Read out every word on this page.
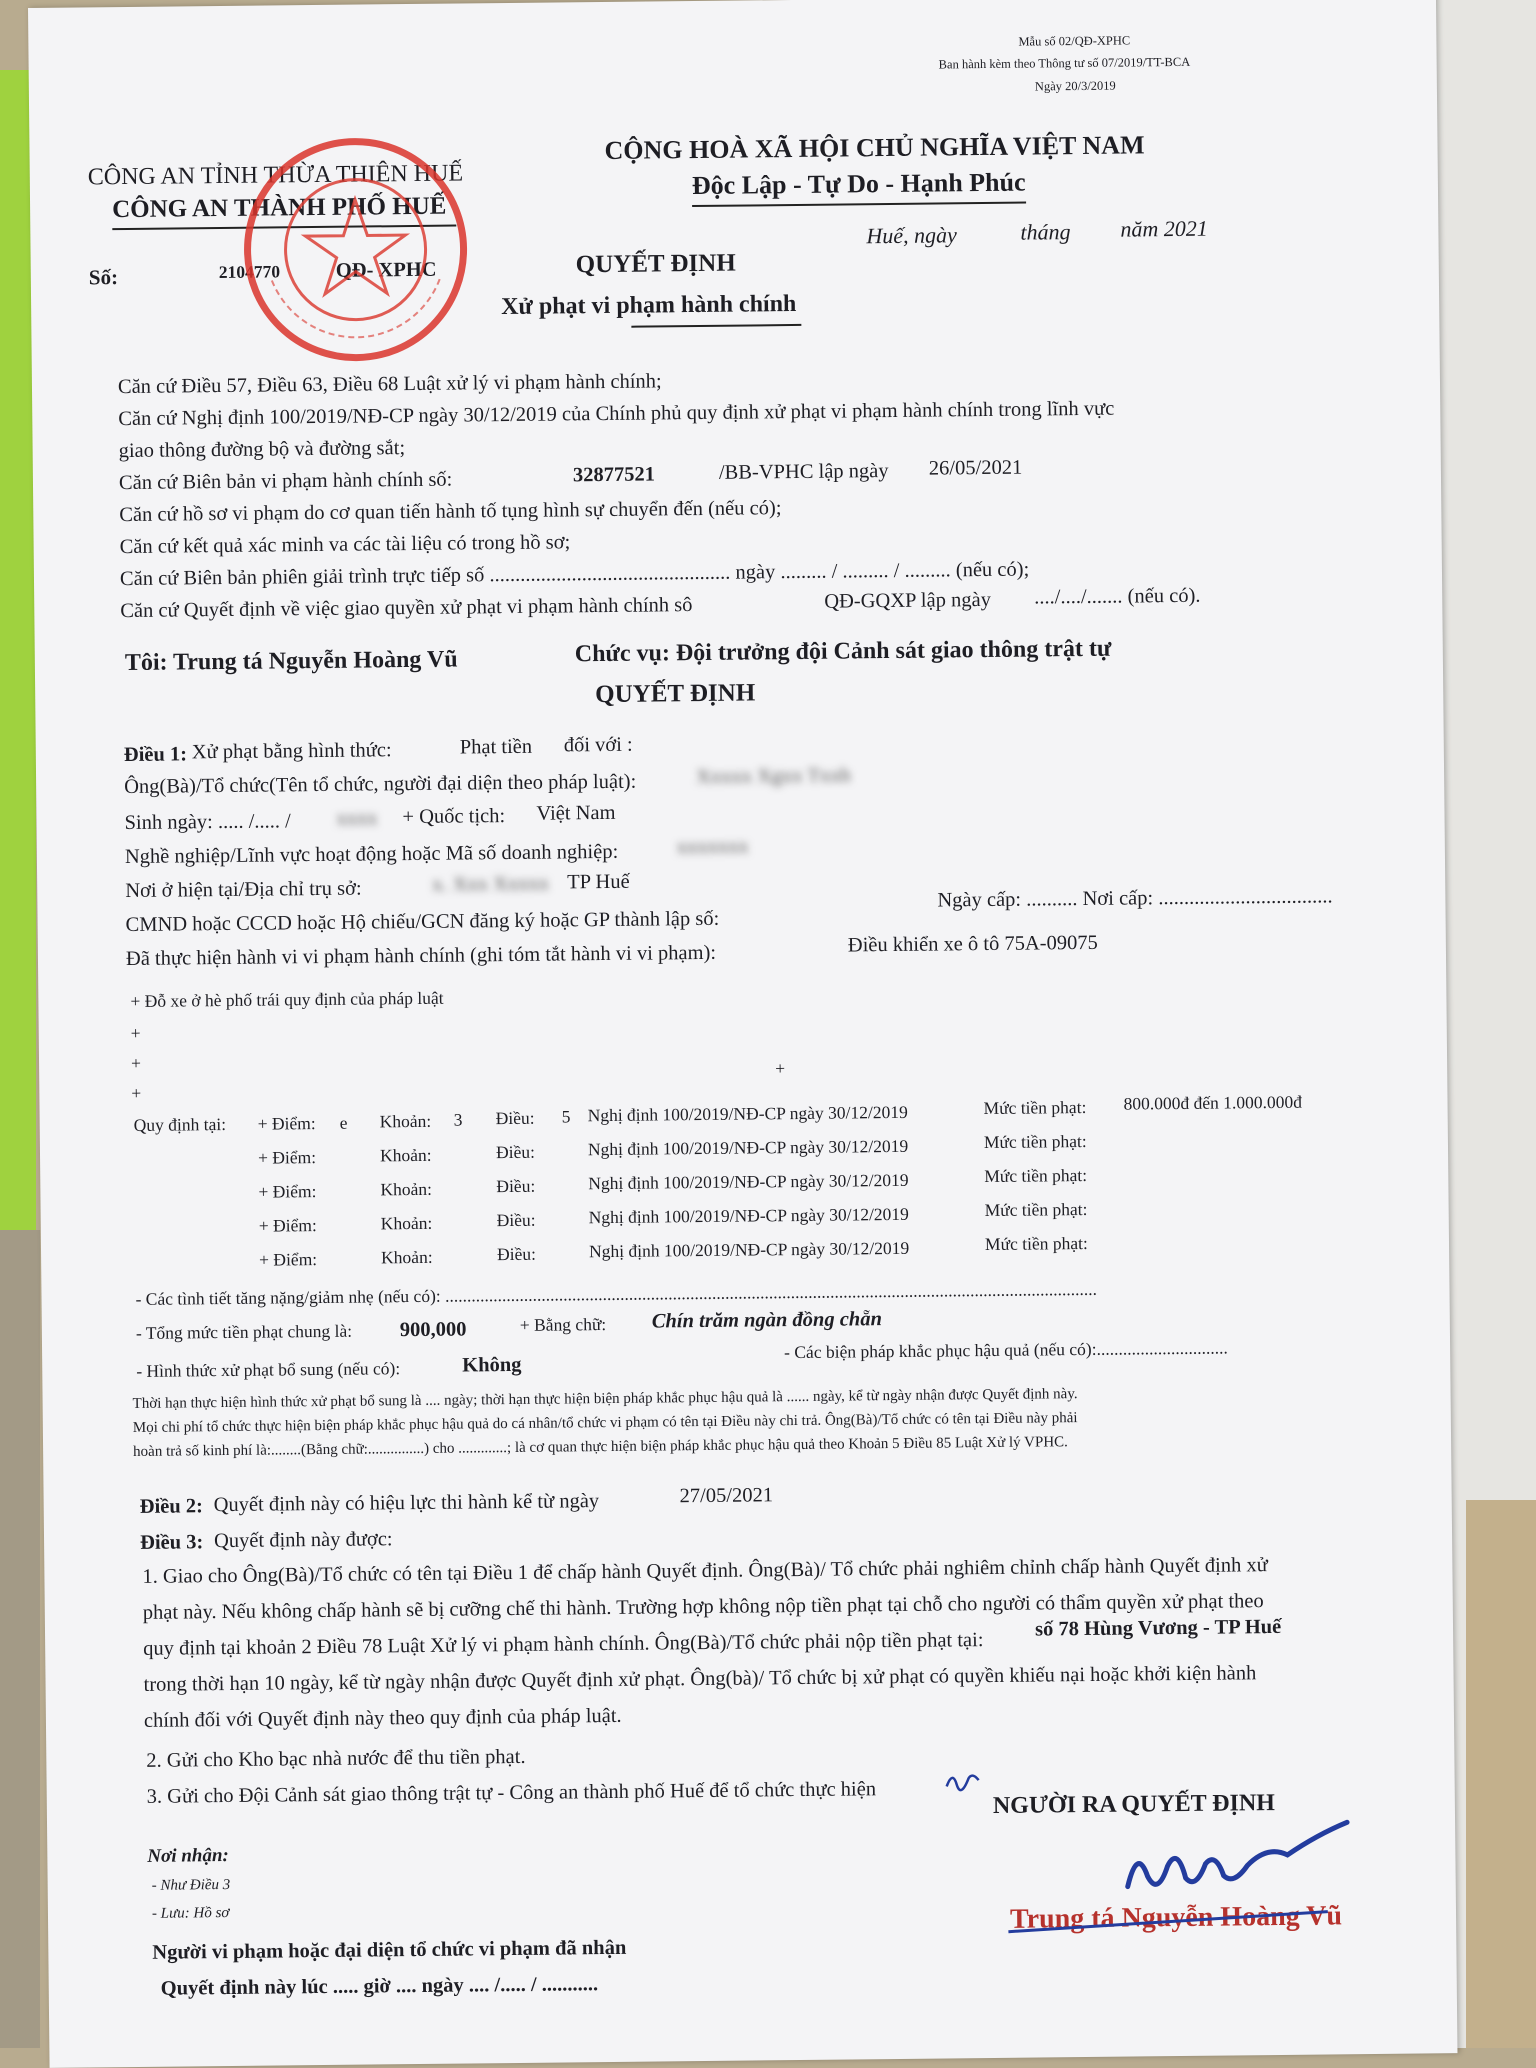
Mẫu số 02/QĐ-XPHC
Ban hành kèm theo Thông tư số 07/2019/TT-BCA
Ngày 20/3/2019
CÔNG AN TỈNH THỪA THIÊN HUẾ
CÔNG AN THÀNH PHỐ HUẾ
Số:	2104770	QĐ- XPHC
CỘNG HOÀ XÃ HỘI CHỦ NGHĨA VIỆT NAM
Độc Lập - Tự Do - Hạnh Phúc
Huế, ngày	tháng năm 2021
QUYẾT ĐỊNH
Xử phạt vi phạm hành chính
Căn cứ Điều 57, Điều 63, Điều 68 Luật xử lý vi phạm hành chính;
Căn cứ Nghị định 100/2019/NĐ-CP ngày 30/12/2019 của Chính phủ quy định xử phạt vi phạm hành chính trong lĩnh vực
giao thông đường bộ và đường sắt;
Căn cứ Biên bản vi phạm hành chính số:	32877521	/BB-VPHC lập ngày 26/05/2021
Căn cứ hồ sơ vi phạm do cơ quan tiến hành tố tụng hình sự chuyển đến (nếu có);
Căn cứ kết quả xác minh va các tài liệu có trong hồ sơ;
Căn cứ Biên bản phiên giải trình trực tiếp số ............................................... ngày ......... / ......... / ......... (nếu có);
Căn cứ Quyết định về việc giao quyền xử phạt vi phạm hành chính sô	QĐ-GQXP lập ngày ..../..../....... (nếu có).
Tôi: Trung tá Nguyễn Hoàng Vũ	Chức vụ: Đội trưởng đội Cảnh sát giao thông trật tự
QUYẾT ĐỊNH
Điều 1: Xử phạt bằng hình thức:	Phạt tiền đối với :
Ông(Bà)/Tổ chức(Tên tổ chức, người đại diện theo pháp luật):	Xxxxx Xgxx Txxh
Sinh ngày: ..... /..... / xxxx + Quốc tịch: Việt Nam
Nghề nghiệp/Lĩnh vực hoạt động hoặc Mã số doanh nghiệp:	xxxxxxx
Nơi ở hiện tại/Địa chỉ trụ sở:	x. Xxx Xxxxx TP Huế
CMND hoặc CCCD hoặc Hộ chiếu/GCN đăng ký hoặc GP thành lập số:
Ngày cấp: .......... Nơi cấp: ..................................
Đã thực hiện hành vi vi phạm hành chính (ghi tóm tắt hành vi vi phạm):	Điều khiển xe ô tô 75A-09075
+ Đỗ xe ở hè phố trái quy định của pháp luật
+
+
+
+
Quy định tại: + Điểm: e Khoản: 3 Điều: 5 Nghị định 100/2019/NĐ-CP ngày 30/12/2019	Mức tiền phạt: 800.000đ đến 1.000.000đ
+ Điểm:	Khoản:	Điều:	Nghị định 100/2019/NĐ-CP ngày 30/12/2019	Mức tiền phạt:
+ Điểm:	Khoản:	Điều:	Nghị định 100/2019/NĐ-CP ngày 30/12/2019	Mức tiền phạt:
+ Điểm:	Khoản:	Điều:	Nghị định 100/2019/NĐ-CP ngày 30/12/2019	Mức tiền phạt:
+ Điểm:	Khoản:	Điều:	Nghị định 100/2019/NĐ-CP ngày 30/12/2019	Mức tiền phạt:
- Các tình tiết tăng nặng/giảm nhẹ (nếu có): .....................................................................................................................................................
- Tổng mức tiền phạt chung là: 900,000	+ Bằng chữ: Chín trăm ngàn đồng chẵn
- Các biện pháp khắc phục hậu quả (nếu có):..............................
- Hình thức xử phạt bổ sung (nếu có):	Không
Thời hạn thực hiện hình thức xử phạt bổ sung là .... ngày; thời hạn thực hiện biện pháp khắc phục hậu quả là ...... ngày, kể từ ngày nhận được Quyết định này.
Mọi chi phí tổ chức thực hiện biện pháp khắc phục hậu quả do cá nhân/tổ chức vi phạm có tên tại Điều này chi trả. Ông(Bà)/Tổ chức có tên tại Điều này phải
hoàn trả số kinh phí là:........(Bằng chữ:...............) cho .............; là cơ quan thực hiện biện pháp khắc phục hậu quả theo Khoản 5 Điều 85 Luật Xử lý VPHC.
Điều 2: Quyết định này có hiệu lực thi hành kể từ ngày	27/05/2021
Điều 3: Quyết định này được:
1. Giao cho Ông(Bà)/Tổ chức có tên tại Điều 1 để chấp hành Quyết định. Ông(Bà)/ Tổ chức phải nghiêm chỉnh chấp hành Quyết định xử
phạt này. Nếu không chấp hành sẽ bị cưỡng chế thi hành. Trường hợp không nộp tiền phạt tại chỗ cho người có thẩm quyền xử phạt theo
quy định tại khoản 2 Điều 78 Luật Xử lý vi phạm hành chính. Ông(Bà)/Tổ chức phải nộp tiền phạt tại:
số 78 Hùng Vương - TP Huế
trong thời hạn 10 ngày, kể từ ngày nhận được Quyết định xử phạt. Ông(bà)/ Tổ chức bị xử phạt có quyền khiếu nại hoặc khởi kiện hành
chính đối với Quyết định này theo quy định của pháp luật.
2. Gửi cho Kho bạc nhà nước để thu tiền phạt.
3. Gửi cho Đội Cảnh sát giao thông trật tự - Công an thành phố Huế để tổ chức thực hiện
Nơi nhận:
- Như Điều 3
- Lưu: Hồ sơ
Người vi phạm hoặc đại diện tổ chức vi phạm đã nhận
Quyết định này lúc ..... giờ .... ngày .... /..... / ...........
NGƯỜI RA QUYẾT ĐỊNH
Trung tá Nguyễn Hoàng Vũ
